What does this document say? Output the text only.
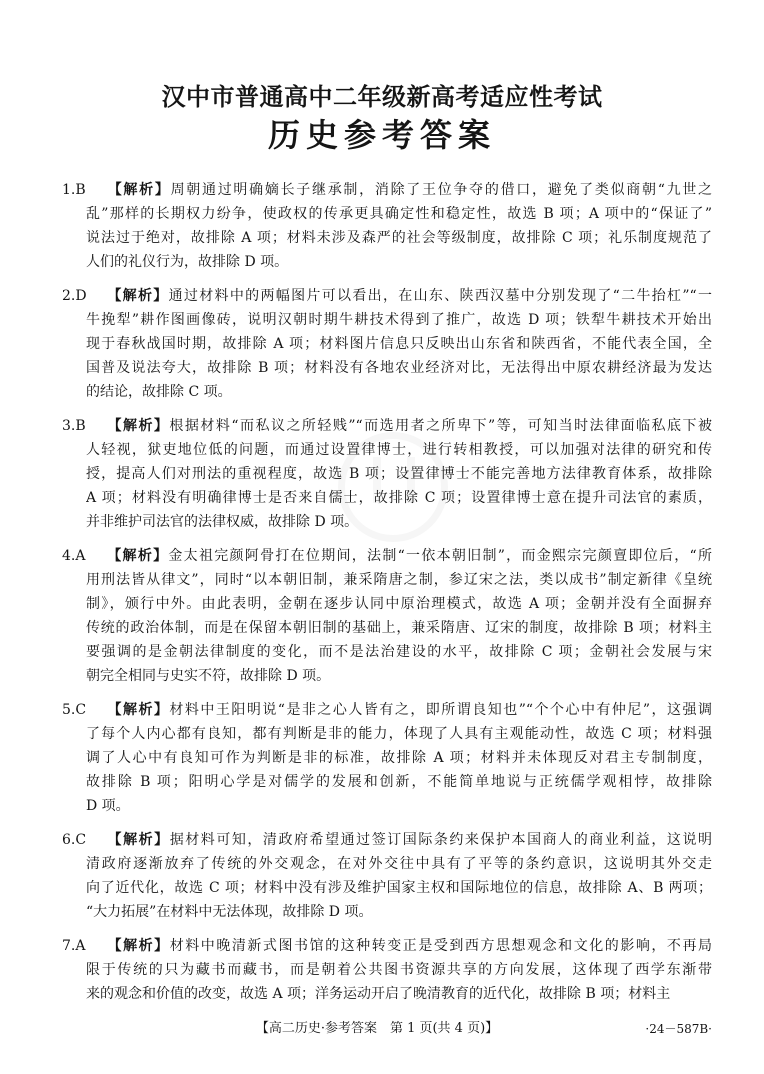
汉中市普通高中二年级新高考适应性考试
历史参考答案
1.B 【解析】周朝通过明确嫡长子继承制，消除了王位争夺的借口，避免了类似商朝“九世之
乱”那样的长期权力纷争，使政权的传承更具确定性和稳定性，故选 B 项；A 项中的“保证了”
说法过于绝对，故排除 A 项；材料未涉及森严的社会等级制度，故排除 C 项；礼乐制度规范了
人们的礼仪行为，故排除 D 项。
2.D 【解析】通过材料中的两幅图片可以看出，在山东、陕西汉墓中分别发现了“二牛抬杠”“一
牛挽犁”耕作图画像砖，说明汉朝时期牛耕技术得到了推广，故选 D 项；铁犁牛耕技术开始出
现于春秋战国时期，故排除 A 项；材料图片信息只反映出山东省和陕西省，不能代表全国，全
国普及说法夸大，故排除 B 项；材料没有各地农业经济对比，无法得出中原农耕经济最为发达
的结论，故排除 C 项。
3.B 【解析】根据材料“而私议之所轻贱”“而选用者之所卑下”等，可知当时法律面临私底下被
人轻视，狱吏地位低的问题，而通过设置律博士，进行转相教授，可以加强对法律的研究和传
授，提高人们对刑法的重视程度，故选 B 项；设置律博士不能完善地方法律教育体系，故排除
A 项；材料没有明确律博士是否来自儒士，故排除 C 项；设置律博士意在提升司法官的素质，
并非维护司法官的法律权威，故排除 D 项。
4.A 【解析】金太祖完颜阿骨打在位期间，法制“一依本朝旧制”，而金熙宗完颜亶即位后，“所
用刑法皆从律文”，同时“以本朝旧制，兼采隋唐之制，参辽宋之法，类以成书”制定新律《皇统
制》，颁行中外。由此表明，金朝在逐步认同中原治理模式，故选 A 项；金朝并没有全面摒弃
传统的政治体制，而是在保留本朝旧制的基础上，兼采隋唐、辽宋的制度，故排除 B 项；材料主
要强调的是金朝法律制度的变化，而不是法治建设的水平，故排除 C 项；金朝社会发展与宋
朝完全相同与史实不符，故排除 D 项。
5.C 【解析】材料中王阳明说“是非之心人皆有之，即所谓良知也”“个个心中有仲尼”，这强调
了每个人内心都有良知，都有判断是非的能力，体现了人具有主观能动性，故选 C 项；材料强
调了人心中有良知可作为判断是非的标准，故排除 A 项；材料并未体现反对君主专制制度，
故排除 B 项；阳明心学是对儒学的发展和创新，不能简单地说与正统儒学观相悖，故排除
D 项。
6.C 【解析】据材料可知，清政府希望通过签订国际条约来保护本国商人的商业利益，这说明
清政府逐渐放弃了传统的外交观念，在对外交往中具有了平等的条约意识，这说明其外交走
向了近代化，故选 C 项；材料中没有涉及维护国家主权和国际地位的信息，故排除 A、B 两项；
“大力拓展”在材料中无法体现，故排除 D 项。
7.A 【解析】材料中晚清新式图书馆的这种转变正是受到西方思想观念和文化的影响，不再局
限于传统的只为藏书而藏书，而是朝着公共图书资源共享的方向发展，这体现了西学东渐带
来的观念和价值的改变，故选 A 项；洋务运动开启了晚清教育的近代化，故排除 B 项；材料主
【高二历史·参考答案　第 1 页(共 4 页)】	·24－587B·
